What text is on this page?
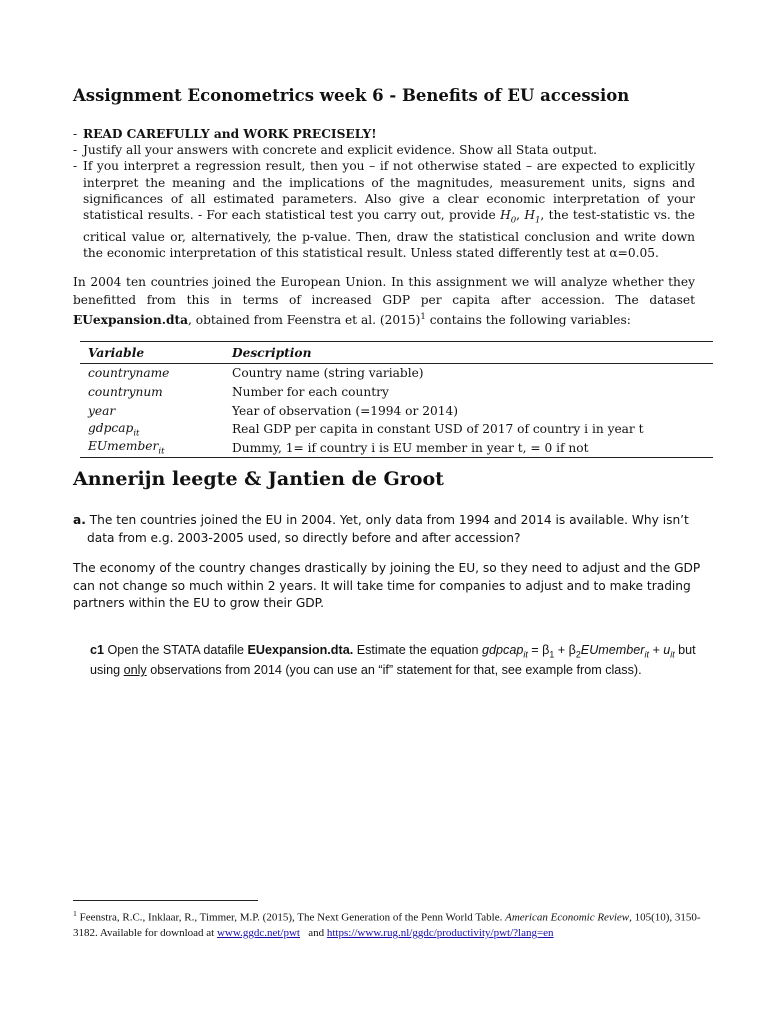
Assignment Econometrics week 6 - Benefits of EU accession
- READ CAREFULLY and WORK PRECISELY!
- Justify all your answers with concrete and explicit evidence. Show all Stata output.
- If you interpret a regression result, then you – if not otherwise stated – are expected to explicitly interpret the meaning and the implications of the magnitudes, measurement units, signs and significances of all estimated parameters. Also give a clear economic interpretation of your statistical results. - For each statistical test you carry out, provide $H_0$, $H_1$, the test-statistic vs. the critical value or, alternatively, the p-value. Then, draw the statistical conclusion and write down the economic interpretation of this statistical result. Unless stated differently test at α=0.05.

In 2004 ten countries joined the European Union. In this assignment we will analyze whether they benefitted from this in terms of increased GDP per capita after accession. The dataset EUexpansion.dta, obtained from Feenstra et al. $(2015)^1$ contains the following variables:

Variable	Description
countryname	Country name (string variable)
countrynum	Number for each country
year	Year of observation (=1994 or 2014)
gdpcap$_{it}$	Real GDP per capita in constant USD of 2017 of country i in year t
EUmember$_{it}$	Dummy, 1= if country i is EU member in year t, = 0 if not
Annerijn leegte & Jantien de Groot

a. The ten countries joined the EU in 2004. Yet, only data from 1994 and 2014 is available. Why isn’t data from e.g. 2003-2005 used, so directly before and after accession?

The economy of the country changes drastically by joining the EU, so they need to adjust and the GDP can not change so much within 2 years. It will take time for companies to adjust and to make trading partners within the EU to grow their GDP.

c1 Open the STATA datafile EUexpansion.dta. Estimate the equation gdpcap$_{it}$ = $\beta_1$ + $\beta_2EUmember_{it} + u_{it}$ but using only observations from 2014 (you can use an “if” statement for that, see example from class).

$^1$ Feenstra, R.C., Inklaar, R., Timmer, M.P. (2015), The Next Generation of the Penn World Table. American Economic Review, 105(10), 3150-3182. Available for download at www.ggdc.net/pwt   and https://www.rug.nl/ggdc/productivity/pwt/?lang=en
